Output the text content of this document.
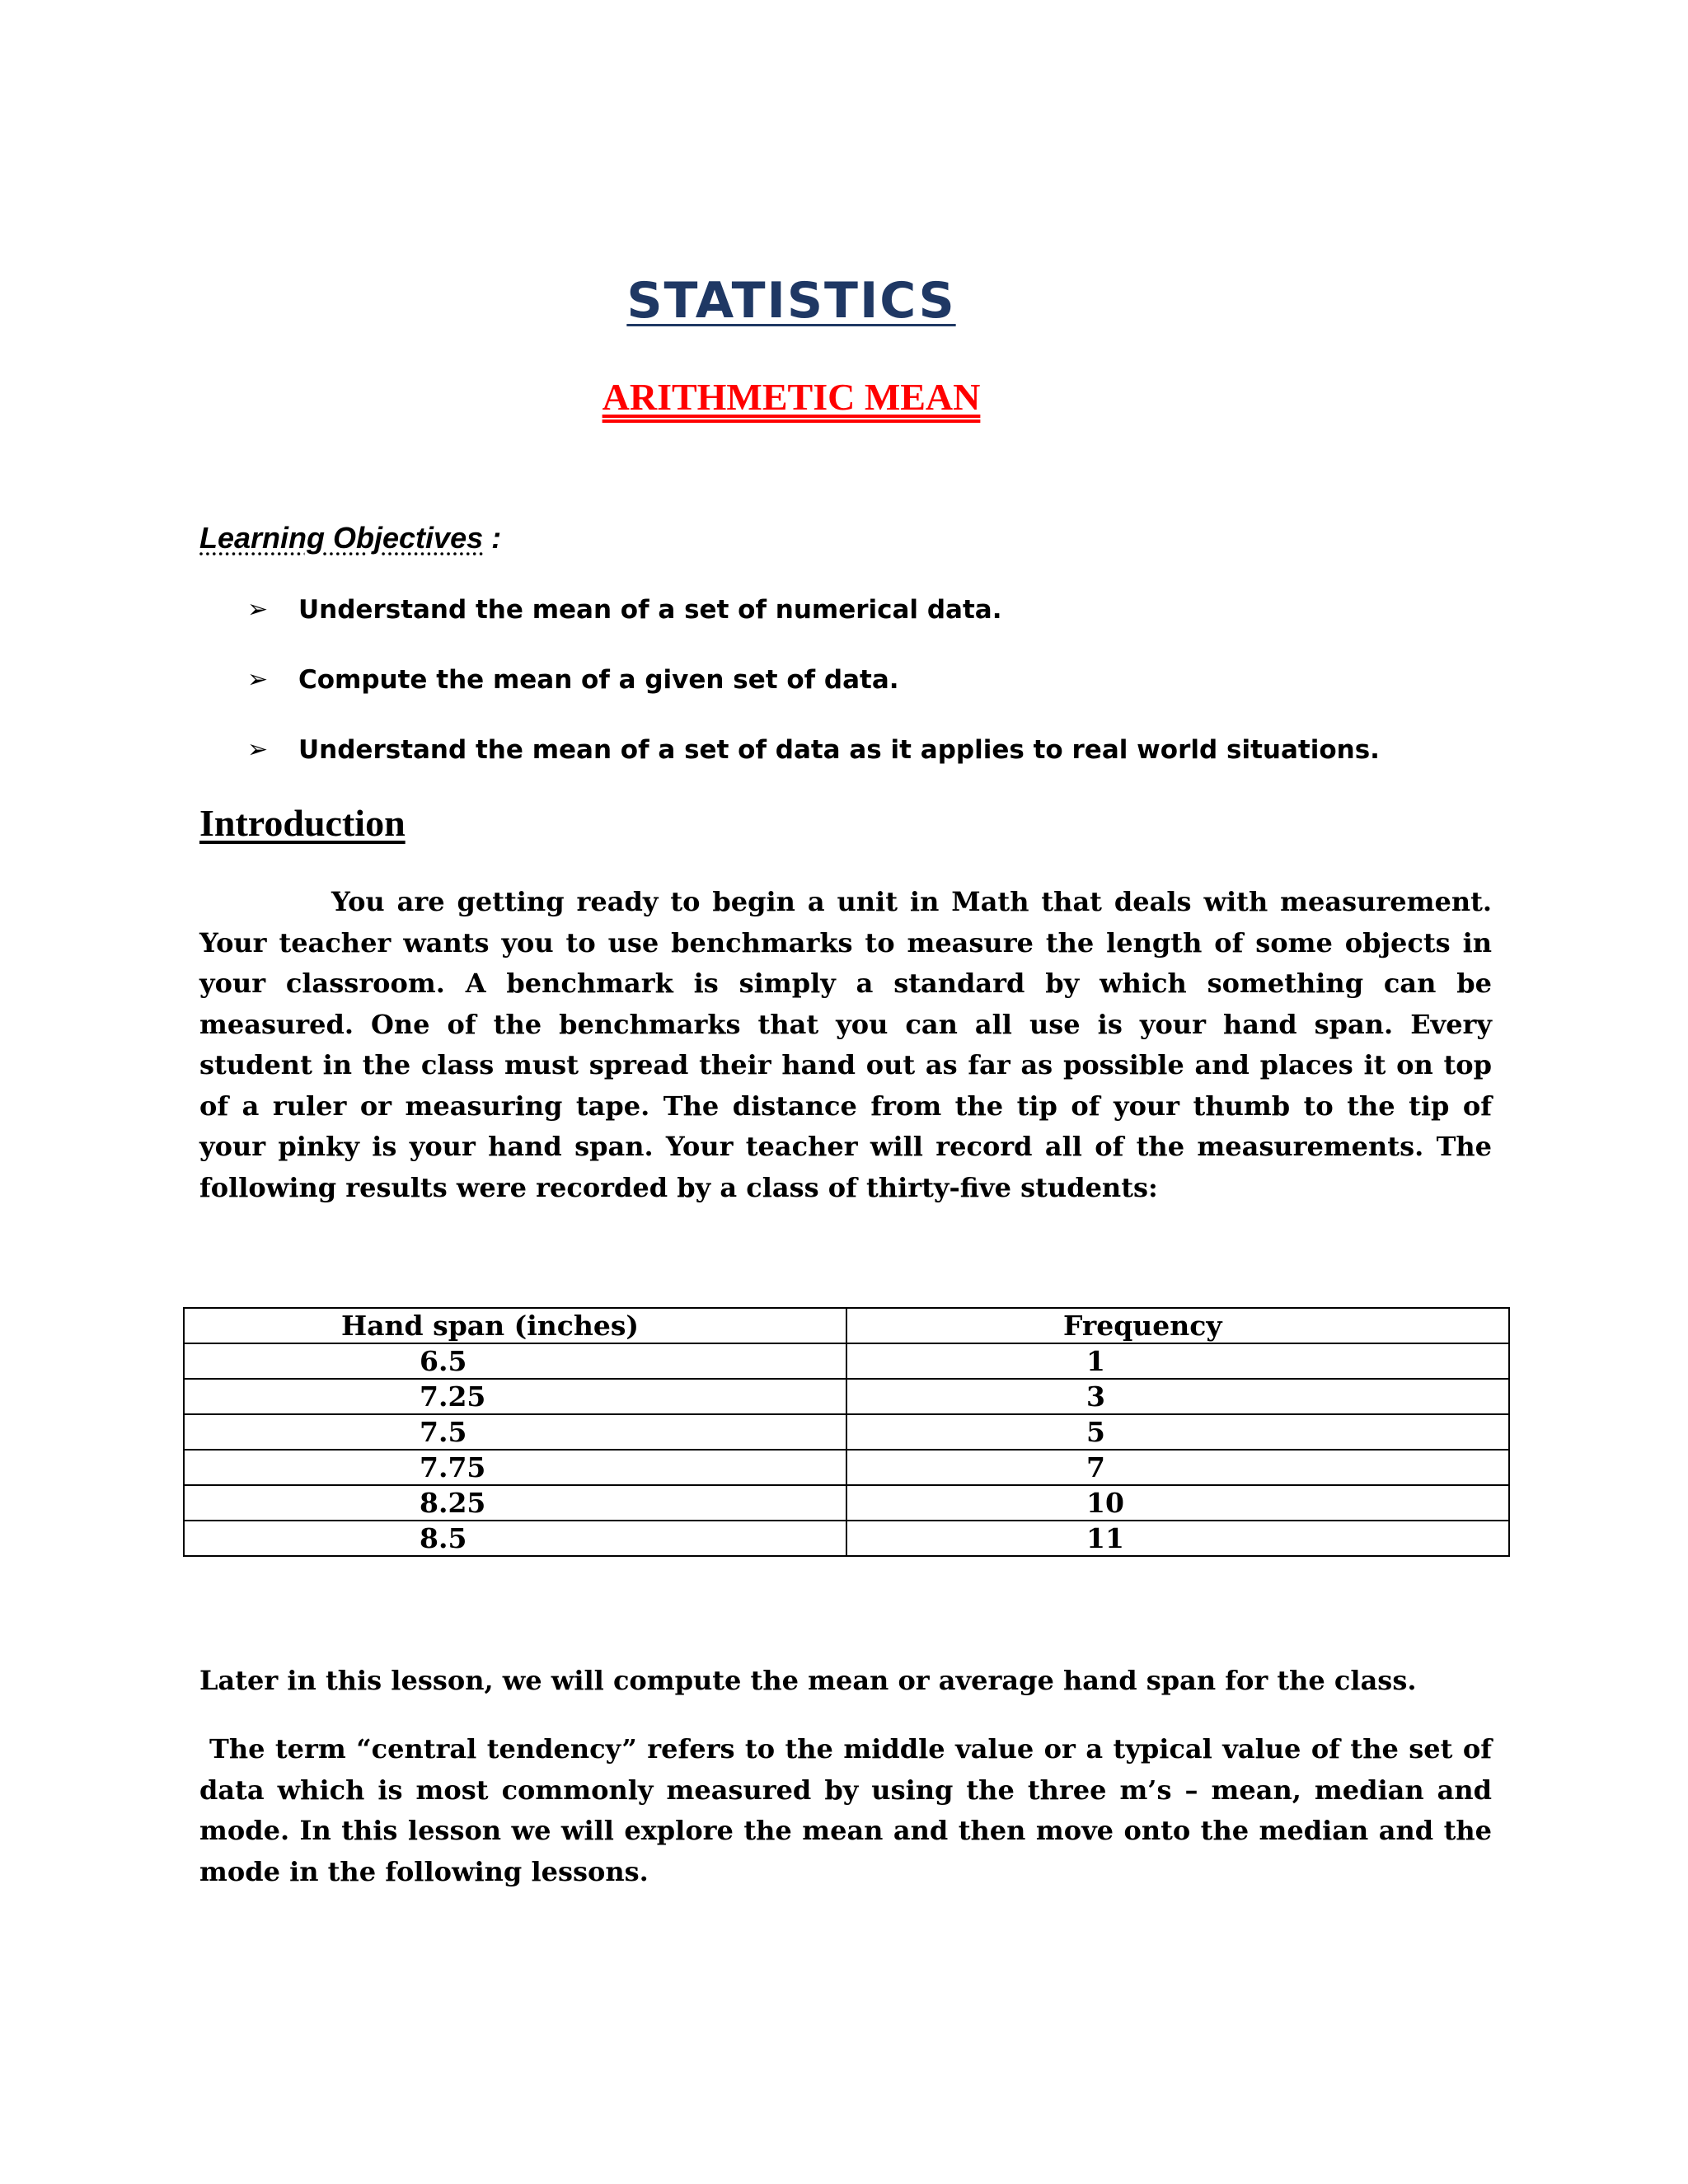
STATISTICS
ARITHMETIC MEAN
Learning Objectives :
➢ Understand the mean of a set of numerical data.
➢ Compute the mean of a given set of data.
➢ Understand the mean of a set of data as it applies to real world situations.
Introduction

You are getting ready to begin a unit in Math that deals with measurement. Your teacher wants you to use benchmarks to measure the length of some objects in your classroom. A benchmark is simply a standard by which something can be measured. One of the benchmarks that you can all use is your hand span. Every student in the class must spread their hand out as far as possible and places it on top of a ruler or measuring tape. The distance from the tip of your thumb to the tip of your pinky is your hand span. Your teacher will record all of the measurements. The following results were recorded by a class of thirty-five students:

Hand span (inches)	Frequency
6.5	1
7.25	3
7.5	5
7.75	7
8.25	10
8.5	11

Later in this lesson, we will compute the mean or average hand span for the class.

The term “central tendency” refers to the middle value or a typical value of the set of data which is most commonly measured by using the three m’s – mean, median and mode. In this lesson we will explore the mean and then move onto the median and the mode in the following lessons.
